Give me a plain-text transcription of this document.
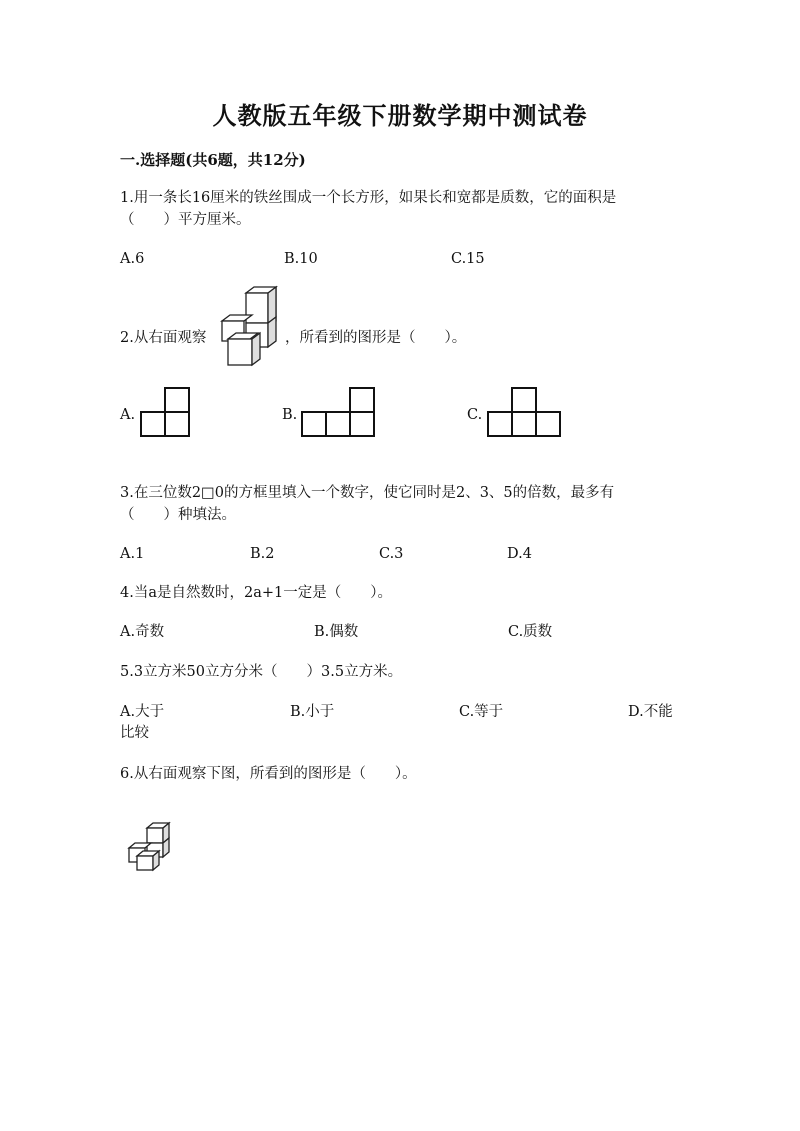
人教版五年级下册数学期中测试卷
一.选择题(共6题，共12分)
1.用一条长16厘米的铁丝围成一个长方形，如果长和宽都是质数，它的面积是
（　　）平方厘米。
A.6	B.10	C.15
2.从右面观察	，所看到的图形是（　　）。
A.	B.	C.
3.在三位数2□0的方框里填入一个数字，使它同时是2、3、5的倍数，最多有
（　　）种填法。
A.1	B.2	C.3	D.4
4.当a是自然数时，2a+1一定是（　　）。
A.奇数	B.偶数	C.质数
5.3立方米50立方分米（　　）3.5立方米。
A.大于	B.小于	C.等于	D.不能
比较
6.从右面观察下图，所看到的图形是（　　）。
